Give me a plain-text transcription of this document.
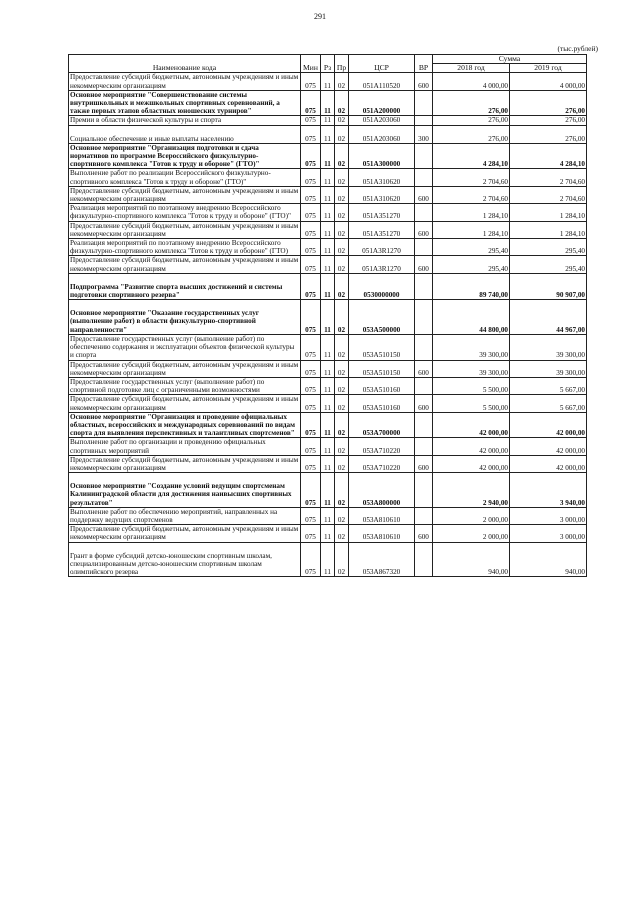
291
(тыс.рублей)
Наименование кода	Мин	Рз	Пр	ЦСР	ВР	Сумма	
						2018 год	2019 год
Предоставление субсидий бюджетным, автономным учреждениям и иным некоммерческим организациям	075	11	02	051А110520	600	4 000,00	4 000,00
Основное мероприятие "Совершенствование системы внутришкольных и межшкольных спортивных соревнований, а также первых этапов областных юношеских турниров"	075	11	02	051А200000		276,00	276,00
Премии в области физической культуры и спорта	075	11	02	051А203060		276,00	276,00
Социальное обеспечение и иные выплаты населению	075	11	02	051А203060	300	276,00	276,00
Основное мероприятие "Организация подготовки и сдача нормативов по программе Всероссийского физкультурно-спортивного комплекса "Готов к труду и обороне" (ГТО)"	075	11	02	051А300000		4 284,10	4 284,10
Выполнение работ по реализации Всероссийского физкультурно-спортивного комплекса "Готов к труду и обороне" (ГТО)"	075	11	02	051А310620		2 704,60	2 704,60
Предоставление субсидий бюджетным, автономным учреждениям и иным некоммерческим организациям	075	11	02	051А310620	600	2 704,60	2 704,60
Реализация мероприятий по поэтапному внедрению Всероссийского физкультурно-спортивного комплекса "Готов к труду и обороне" (ГТО)"	075	11	02	051А351270		1 284,10	1 284,10
Предоставление субсидий бюджетным, автономным учреждениям и иным некоммерческим организациям	075	11	02	051А351270	600	1 284,10	1 284,10
Реализация мероприятий по поэтапному внедрению Всероссийского физкультурно-спортивного комплекса "Готов к труду и обороне" (ГТО)	075	11	02	051А3R1270		295,40	295,40
Предоставление субсидий бюджетным, автономным учреждениям и иным некоммерческим организациям	075	11	02	051А3R1270	600	295,40	295,40
Подпрограмма "Развитие спорта высших достижений и системы подготовки спортивного резерва"	075	11	02	0530000000		89 740,00	90 907,00
Основное мероприятие "Оказание государственных услуг (выполнение работ) в области физкультурно-спортивной направленности"	075	11	02	053А500000		44 800,00	44 967,00
Предоставление государственных услуг (выполнение работ) по обеспечению содержания и эксплуатации объектов физической культуры и спорта	075	11	02	053А510150		39 300,00	39 300,00
Предоставление субсидий бюджетным, автономным учреждениям и иным некоммерческим организациям	075	11	02	053А510150	600	39 300,00	39 300,00
Предоставление государственных услуг (выполнение работ) по спортивной подготовке лиц с ограниченными возможностями	075	11	02	053А510160		5 500,00	5 667,00
Предоставление субсидий бюджетным, автономным учреждениям и иным некоммерческим организациям	075	11	02	053А510160	600	5 500,00	5 667,00
Основное мероприятие "Организация и проведение официальных областных, всероссийских и международных соревнований по видам спорта для выявления перспективных и талантливых спортсменов"	075	11	02	053А700000		42 000,00	42 000,00
Выполнение работ по организации и проведению официальных спортивных мероприятий	075	11	02	053А710220		42 000,00	42 000,00
Предоставление субсидий бюджетным, автономным учреждениям и иным некоммерческим организациям	075	11	02	053А710220	600	42 000,00	42 000,00
Основное мероприятие "Создание условий ведущим спортсменам Калининградской области для достижения наивысших спортивных результатов"	075	11	02	053А800000		2 940,00	3 940,00
Выполнение работ по обеспечению мероприятий, направленных на поддержку ведущих спортсменов	075	11	02	053А810610		2 000,00	3 000,00
Предоставление субсидий бюджетным, автономным учреждениям и иным некоммерческим организациям	075	11	02	053А810610	600	2 000,00	3 000,00
Грант в форме субсидий детско-юношеским спортивным школам, специализированным детско-юношеским спортивным школам олимпийского резерва	075	11	02	053А867320		940,00	940,00
